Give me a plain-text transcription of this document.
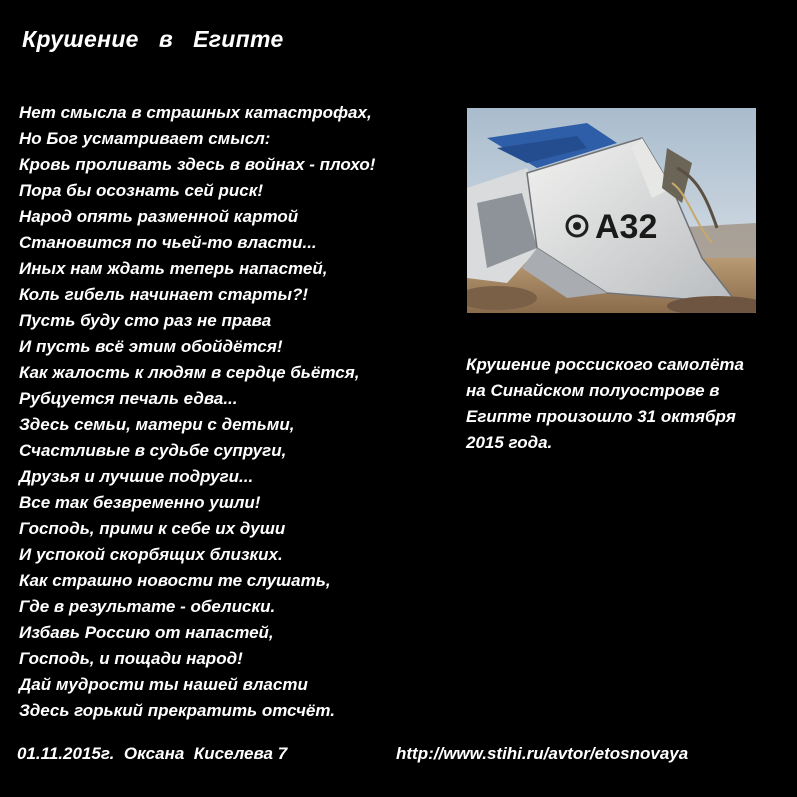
Крушение   в   Египте
Нет смысла в страшных катастрофах,
Но Бог усматривает смысл:
Кровь проливать здесь в войнах - плохо!
Пора бы осознать сей риск!
Народ опять разменной картой
Становится по чьей-то власти...
Иных нам ждать теперь напастей,
Коль гибель начинает старты?!
Пусть буду сто раз не права
И пусть всё этим обойдётся!
Как жалость к людям в сердце бьётся,
Рубцуется печаль едва...
Здесь семьи, матери с детьми,
Счастливые в судьбе супруги,
Друзья и лучшие подруги...
Все так безвременно ушли!
Господь, прими к себе их души
И успокой скорбящих близких.
Как страшно новости те слушать,
Где в результате - обелиски.
Избавь Россию от напастей,
Господь, и пощади народ!
Дай мудрости ты нашей власти
Здесь горький прекратить отсчёт.
A32
Крушение россиского самолёта
на Синайском полуострове в
Египте произошло 31 октября
2015 года.
01.11.2015г.  Оксана  Киселева 7	http://www.stihi.ru/avtor/etosnovaya
